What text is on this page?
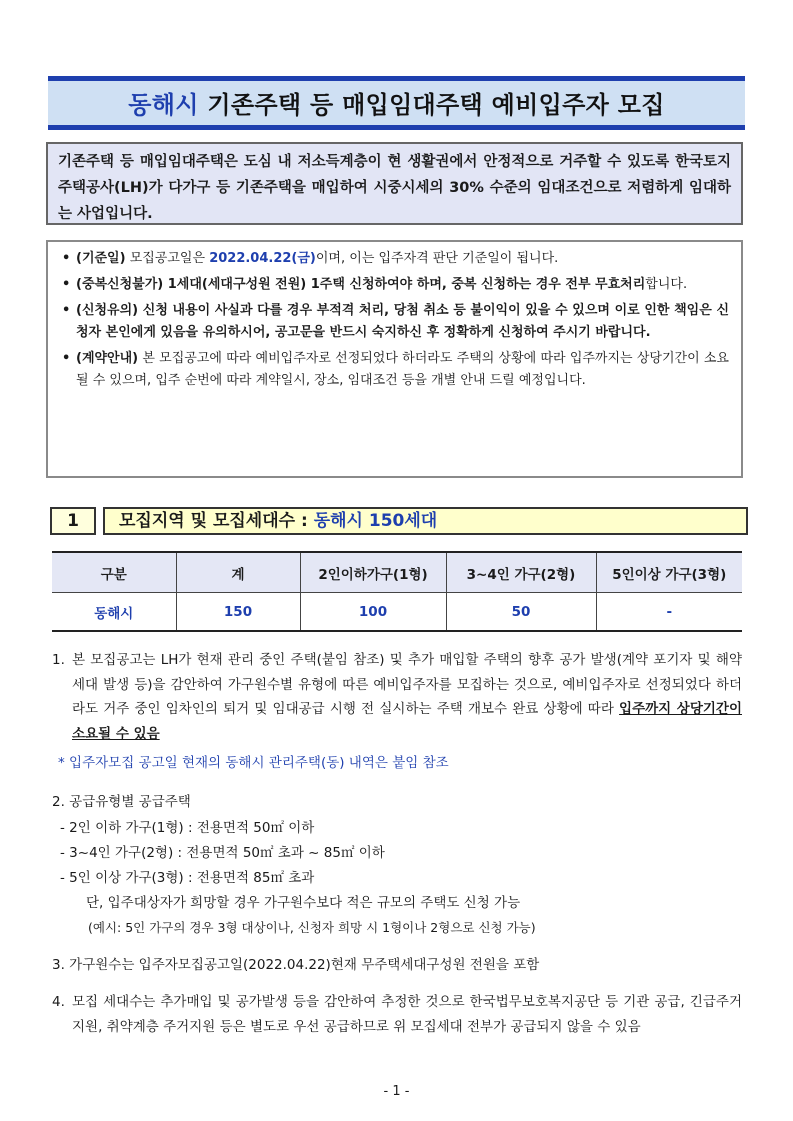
동해시 기존주택 등 매입임대주택 예비입주자 모집
기존주택 등 매입임대주택은 도심 내 저소득계층이 현 생활권에서 안정적으로 거주할 수 있도록 한국토지주택공사(LH)가 다가구 등 기존주택을 매입하여 시중시세의 30% 수준의 임대조건으로 저렴하게 임대하는 사업입니다.
• (기준일) 모집공고일은 2022.04.22(금)이며, 이는 입주자격 판단 기준일이 됩니다.
• (중복신청불가) 1세대(세대구성원 전원) 1주택 신청하여야 하며, 중복 신청하는 경우 전부 무효처리합니다.
• (신청유의) 신청 내용이 사실과 다를 경우 부적격 처리, 당첨 취소 등 불이익이 있을 수 있으며 이로 인한 책임은 신청자 본인에게 있음을 유의하시어, 공고문을 반드시 숙지하신 후 정확하게 신청하여 주시기 바랍니다.
• (계약안내) 본 모집공고에 따라 예비입주자로 선정되었다 하더라도 주택의 상황에 따라 입주까지는 상당기간이 소요될 수 있으며, 입주 순번에 따라 계약일시, 장소, 임대조건 등을 개별 안내 드릴 예정입니다.
1	모집지역 및 모집세대수 : 동해시 150세대
구분	계	2인이하가구(1형)	3~4인 가구(2형)	5인이상 가구(3형)
동해시	150	100	50	-
1. 본 모집공고는 LH가 현재 관리 중인 주택(붙임 참조) 및 추가 매입할 주택의 향후 공가 발생(계약 포기자 및 해약 세대 발생 등)을 감안하여 가구원수별 유형에 따른 예비입주자를 모집하는 것으로, 예비입주자로 선정되었다 하더라도 거주 중인 임차인의 퇴거 및 임대공급 시행 전 실시하는 주택 개보수 완료 상황에 따라 입주까지 상당기간이 소요될 수 있음
* 입주자모집 공고일 현재의 동해시 관리주택(동) 내역은 붙임 참조
2. 공급유형별 공급주택
- 2인 이하 가구(1형) : 전용면적 50㎡ 이하
- 3~4인 가구(2형) : 전용면적 50㎡ 초과 ~ 85㎡ 이하
- 5인 이상 가구(3형) : 전용면적 85㎡ 초과
단, 입주대상자가 희망할 경우 가구원수보다 적은 규모의 주택도 신청 가능
(예시: 5인 가구의 경우 3형 대상이나, 신청자 희망 시 1형이나 2형으로 신청 가능)
3. 가구원수는 입주자모집공고일(2022.04.22)현재 무주택세대구성원 전원을 포함
4. 모집 세대수는 추가매입 및 공가발생 등을 감안하여 추정한 것으로 한국법무보호복지공단 등 기관 공급, 긴급주거지원, 취약계층 주거지원 등은 별도로 우선 공급하므로 위 모집세대 전부가 공급되지 않을 수 있음
- 1 -
